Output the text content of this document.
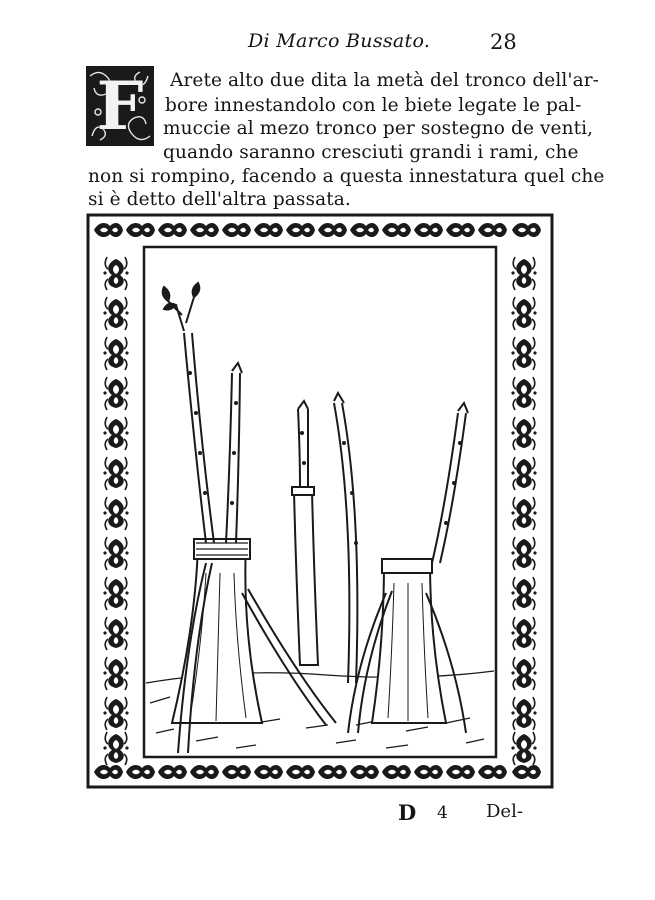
Di Marco Bussato.	28
F	Arete alto due dita la metà del tronco dell'ar-
bore innestandolo con le biete legate le pal-
muccie al mezo tronco per sostegno de venti,
quando saranno cresciuti grandi i rami, che
non si rompino, facendo a questa innestatura quel che
si è detto dell'altra passata.
D 4 Del-
